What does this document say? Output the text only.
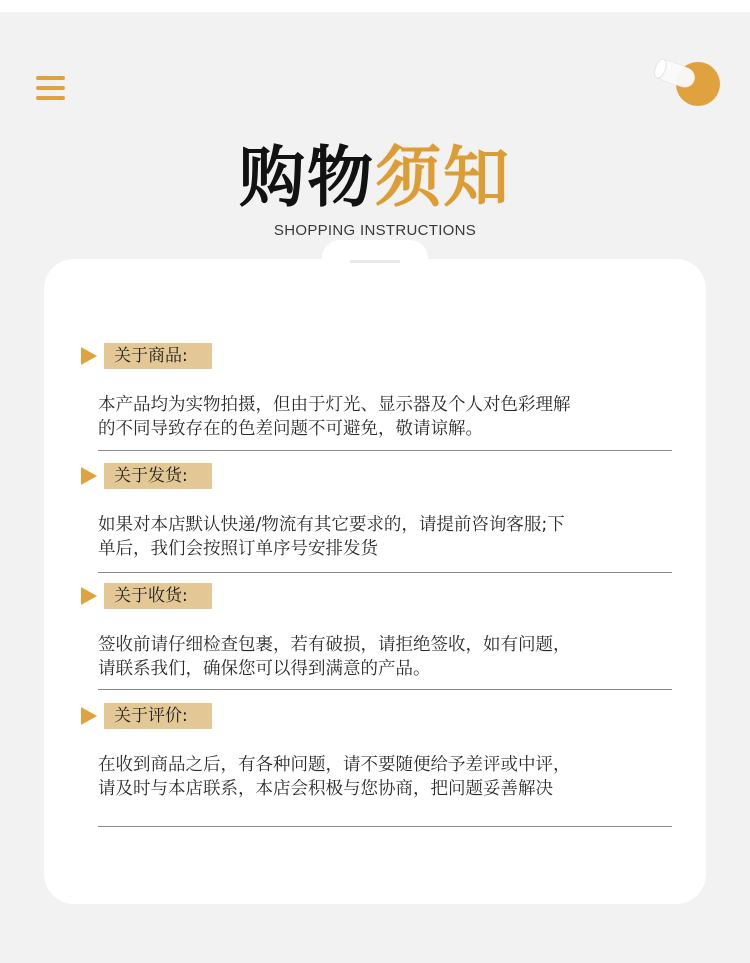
购物须知
SHOPPING INSTRUCTIONS
关于商品:
本产品均为实物拍摄，但由于灯光、显示器及个人对色彩理解
的不同导致存在的色差问题不可避免，敬请谅解。
关于发货:
如果对本店默认快递/物流有其它要求的，请提前咨询客服;下
单后，我们会按照订单序号安排发货
关于收货:
签收前请仔细检查包裹，若有破损，请拒绝签收，如有问题，
请联系我们，确保您可以得到满意的产品。
关于评价:
在收到商品之后，有各种问题，请不要随便给予差评或中评，
请及时与本店联系，本店会积极与您协商，把问题妥善解决
